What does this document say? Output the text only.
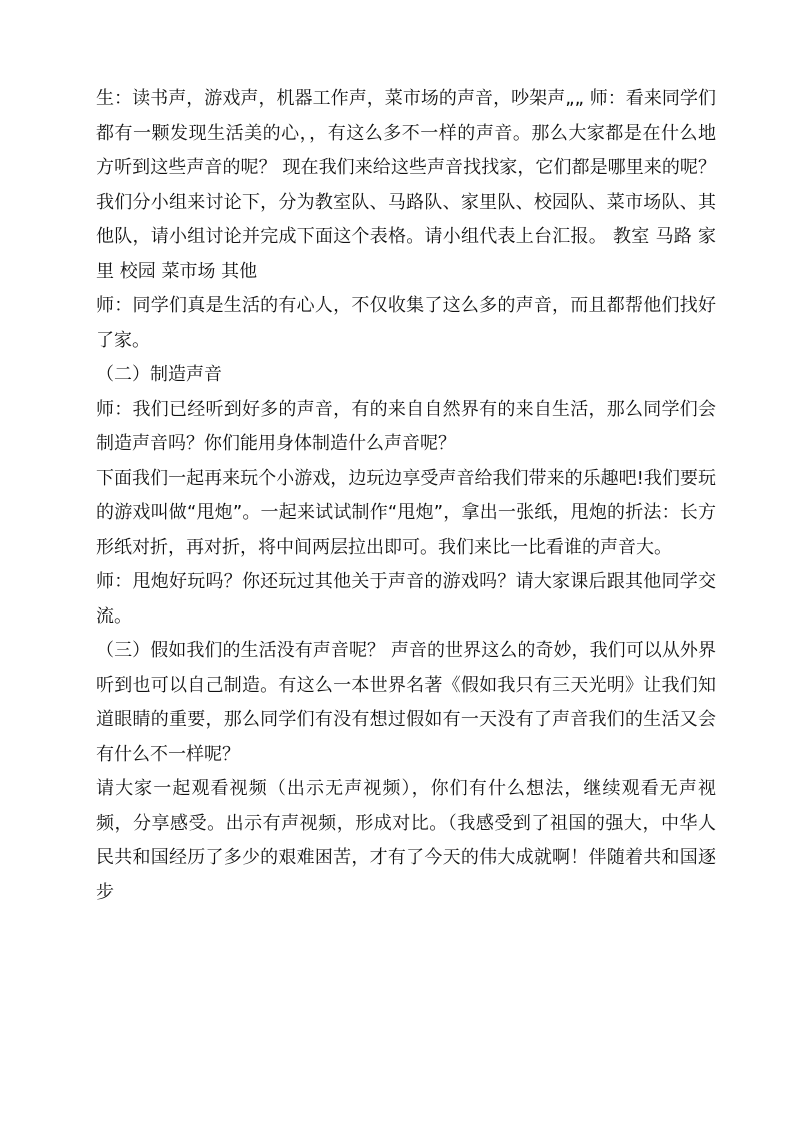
生：读书声，游戏声，机器工作声，菜市场的声音，吵架声„„ 师：看来同学们都有一颗发现生活美的心，，有这么多不一样的声音。那么大家都是在什么地方听到这些声音的呢？ 现在我们来给这些声音找找家，它们都是哪里来的呢？我们分小组来讨论下，分为教室队、马路队、家里队、校园队、菜市场队、其他队，请小组讨论并完成下面这个表格。请小组代表上台汇报。 教室 马路 家里 校园 菜市场 其他

师：同学们真是生活的有心人，不仅收集了这么多的声音，而且都帮他们找好了家。

（二）制造声音

师：我们已经听到好多的声音，有的来自自然界有的来自生活，那么同学们会制造声音吗？你们能用身体制造什么声音呢？

下面我们一起再来玩个小游戏，边玩边享受声音给我们带来的乐趣吧!我们要玩的游戏叫做“甩炮”。一起来试试制作“甩炮”，拿出一张纸，甩炮的折法：长方形纸对折，再对折，将中间两层拉出即可。我们来比一比看谁的声音大。

师：甩炮好玩吗？你还玩过其他关于声音的游戏吗？请大家课后跟其他同学交流。

（三）假如我们的生活没有声音呢？ 声音的世界这么的奇妙，我们可以从外界听到也可以自己制造。有这么一本世界名著《假如我只有三天光明》让我们知道眼睛的重要，那么同学们有没有想过假如有一天没有了声音我们的生活又会有什么不一样呢？

请大家一起观看视频（出示无声视频），你们有什么想法，继续观看无声视频，分享感受。出示有声视频，形成对比。（我感受到了祖国的强大，中华人民共和国经历了多少的艰难困苦，才有了今天的伟大成就啊！伴随着共和国逐步
